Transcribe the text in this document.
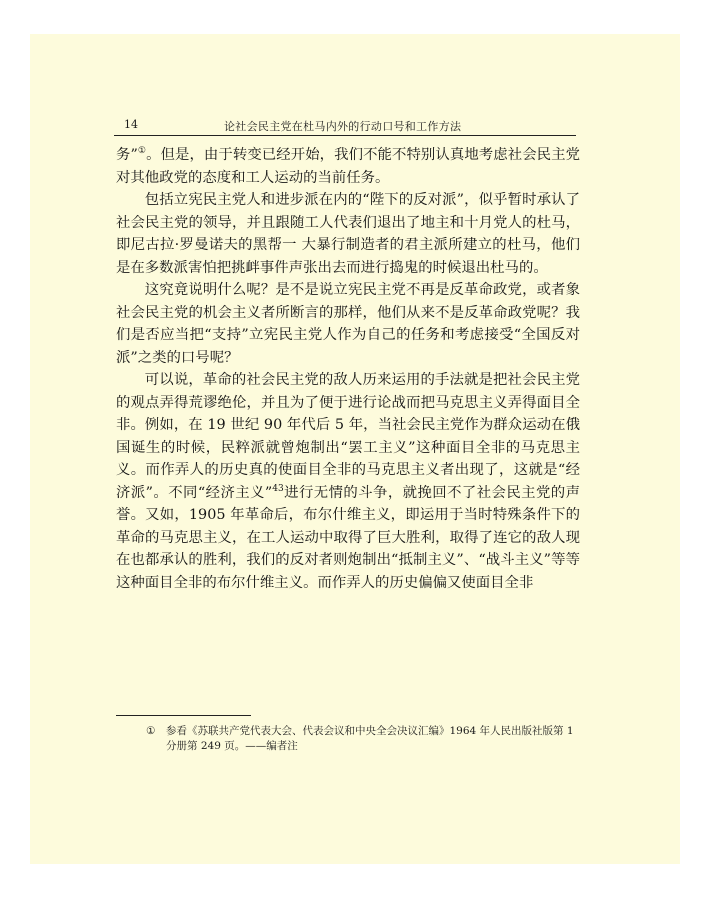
14	论社会民主党在杜马内外的行动口号和工作方法

务”①。但是，由于转变已经开始，我们不能不特别认真地考虑社会民主党对其他政党的态度和工人运动的当前任务。

包括立宪民主党人和进步派在内的“陛下的反对派”，似乎暂时承认了社会民主党的领导，并且跟随工人代表们退出了地主和十月党人的杜马，即尼古拉·罗曼诺夫的黑帮一 大暴行制造者的君主派所建立的杜马，他们是在多数派害怕把挑衅事件声张出去而进行捣鬼的时候退出杜马的。

这究竟说明什么呢？是不是说立宪民主党不再是反革命政党，或者象社会民主党的机会主义者所断言的那样，他们从来不是反革命政党呢？我们是否应当把“支持”立宪民主党人作为自己的任务和考虑接受“全国反对派”之类的口号呢？

可以说，革命的社会民主党的敌人历来运用的手法就是把社会民主党的观点弄得荒谬绝伦，并且为了便于进行论战而把马克思主义弄得面目全非。例如，在 19 世纪 90 年代后 5 年，当社会民主党作为群众运动在俄国诞生的时候，民粹派就曾炮制出“罢工主义”这种面目全非的马克思主义。而作弄人的历史真的使面目全非的马克思主义者出现了，这就是“经济派”。不同“经济主义”$^{43}$进行无情的斗争，就挽回不了社会民主党的声誉。又如，1905 年革命后，布尔什维主义，即运用于当时特殊条件下的革命的马克思主义，在工人运动中取得了巨大胜利，取得了连它的敌人现在也都承认的胜利，我们的反对者则炮制出“抵制主义”、“战斗主义”等等这种面目全非的布尔什维主义。而作弄人的历史偏偏又使面目全非

① 参看《苏联共产党代表大会、代表会议和中央全会决议汇编》1964 年人民出版社版第 1 分册第 249 页。——编者注
